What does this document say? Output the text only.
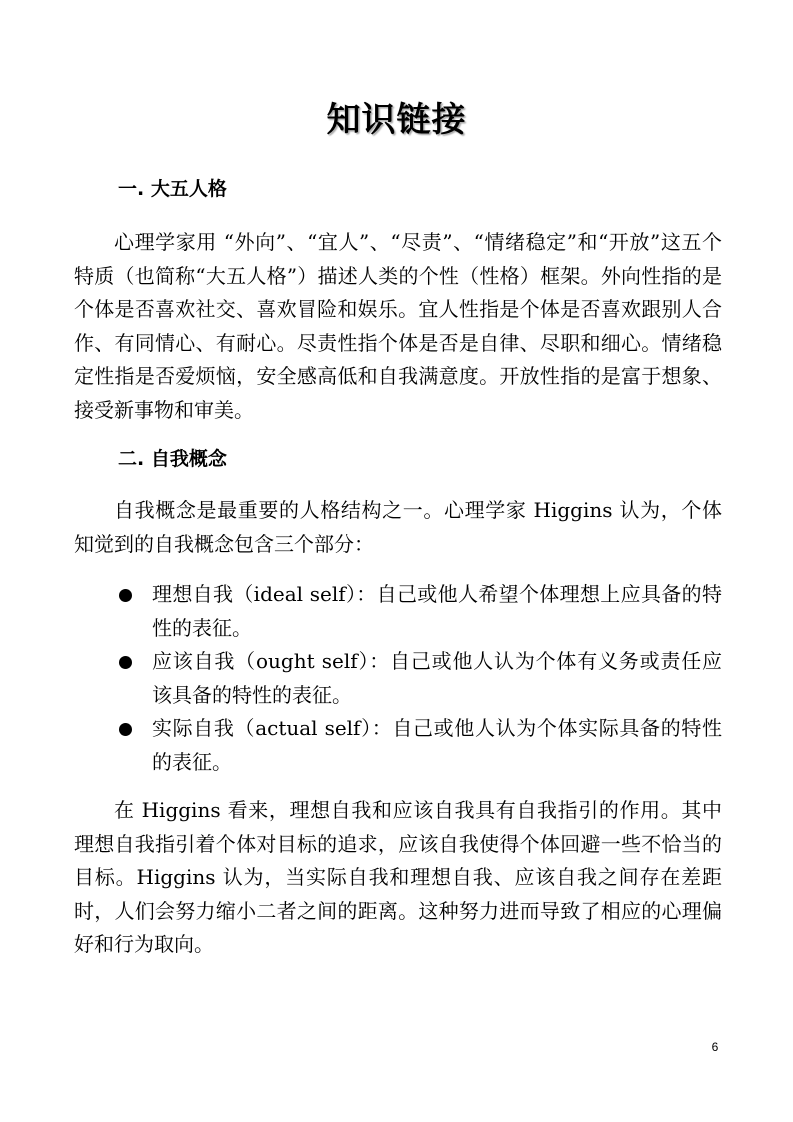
知识链接
一. 大五人格

心理学家用 “外向”、“宜人”、“尽责”、“情绪稳定”和“开放”这五个特质（也简称“大五人格”）描述人类的个性（性格）框架。外向性指的是个体是否喜欢社交、喜欢冒险和娱乐。宜人性指是个体是否喜欢跟别人合作、有同情心、有耐心。尽责性指个体是否是自律、尽职和细心。情绪稳定性指是否爱烦恼，安全感高低和自我满意度。开放性指的是富于想象、接受新事物和审美。

二. 自我概念

自我概念是最重要的人格结构之一。心理学家 Higgins 认为，个体知觉到的自我概念包含三个部分：

理想自我（ideal self）：自己或他人希望个体理想上应具备的特性的表征。
应该自我（ought self）：自己或他人认为个体有义务或责任应该具备的特性的表征。
实际自我（actual self）：自己或他人认为个体实际具备的特性的表征。

在 Higgins 看来，理想自我和应该自我具有自我指引的作用。其中理想自我指引着个体对目标的追求，应该自我使得个体回避一些不恰当的目标。Higgins 认为，当实际自我和理想自我、应该自我之间存在差距时，人们会努力缩小二者之间的距离。这种努力进而导致了相应的心理偏好和行为取向。

6
